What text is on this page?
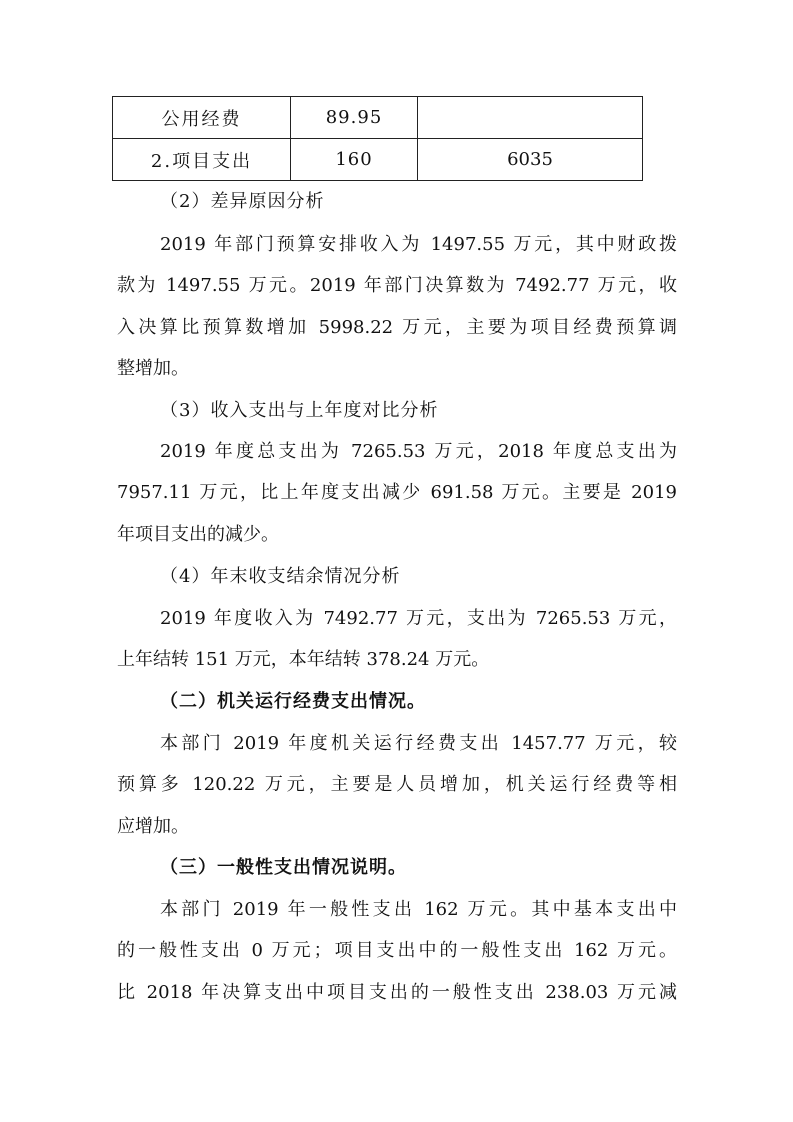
公用经费	89.95	
2.项目支出	160	6035
（2）差异原因分析
2019 年部门预算安排收入为 1497.55 万元，其中财政拨
款为 1497.55 万元。2019 年部门决算数为 7492.77 万元，收
入决算比预算数增加 5998.22 万元，主要为项目经费预算调
整增加。
（3）收入支出与上年度对比分析
2019 年度总支出为 7265.53 万元，2018 年度总支出为
7957.11 万元，比上年度支出减少 691.58 万元。主要是 2019
年项目支出的减少。
（4）年末收支结余情况分析
2019 年度收入为 7492.77 万元，支出为 7265.53 万元，
上年结转 151 万元，本年结转 378.24 万元。
（二）机关运行经费支出情况。
本部门 2019 年度机关运行经费支出 1457.77 万元，较
预算多 120.22 万元，主要是人员增加，机关运行经费等相
应增加。
（三）一般性支出情况说明。
本部门 2019 年一般性支出 162 万元。其中基本支出中
的一般性支出 0 万元；项目支出中的一般性支出 162 万元。
比 2018 年决算支出中项目支出的一般性支出 238.03 万元减
